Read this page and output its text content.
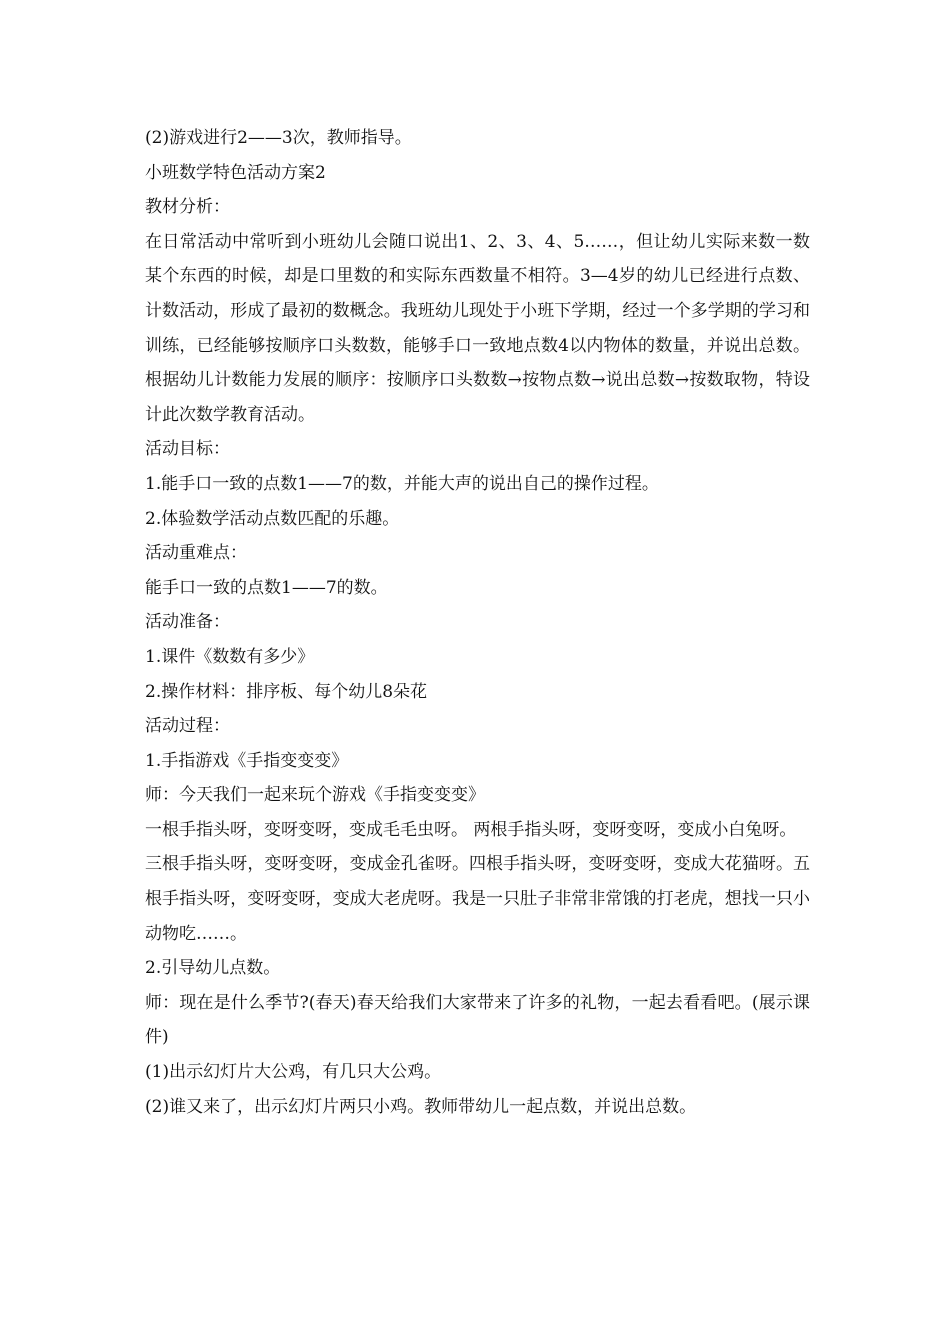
(2)游戏进行2——3次，教师指导。

小班数学特色活动方案2

教材分析：

在日常活动中常听到小班幼儿会随口说出1、2、3、4、5……，但让幼儿实际来数一数某个东西的时候，却是口里数的和实际东西数量不相符。3—4岁的幼儿已经进行点数、计数活动，形成了最初的数概念。我班幼儿现处于小班下学期，经过一个多学期的学习和训练，已经能够按顺序口头数数，能够手口一致地点数4以内物体的数量，并说出总数。根据幼儿计数能力发展的顺序：按顺序口头数数→按物点数→说出总数→按数取物，特设计此次数学教育活动。

活动目标：

1.能手口一致的点数1——7的数，并能大声的说出自己的操作过程。

2.体验数学活动点数匹配的乐趣。

活动重难点：

能手口一致的点数1——7的数。

活动准备：

1.课件《数数有多少》

2.操作材料：排序板、每个幼儿8朵花

活动过程：

1.手指游戏《手指变变变》

师：今天我们一起来玩个游戏《手指变变变》

一根手指头呀，变呀变呀，变成毛毛虫呀。 两根手指头呀，变呀变呀，变成小白兔呀。

三根手指头呀，变呀变呀，变成金孔雀呀。四根手指头呀，变呀变呀，变成大花猫呀。五根手指头呀，变呀变呀，变成大老虎呀。我是一只肚子非常非常饿的打老虎，想找一只小动物吃……。

2.引导幼儿点数。

师：现在是什么季节?(春天)春天给我们大家带来了许多的礼物，一起去看看吧。(展示课件)

(1)出示幻灯片大公鸡，有几只大公鸡。

(2)谁又来了，出示幻灯片两只小鸡。教师带幼儿一起点数，并说出总数。
